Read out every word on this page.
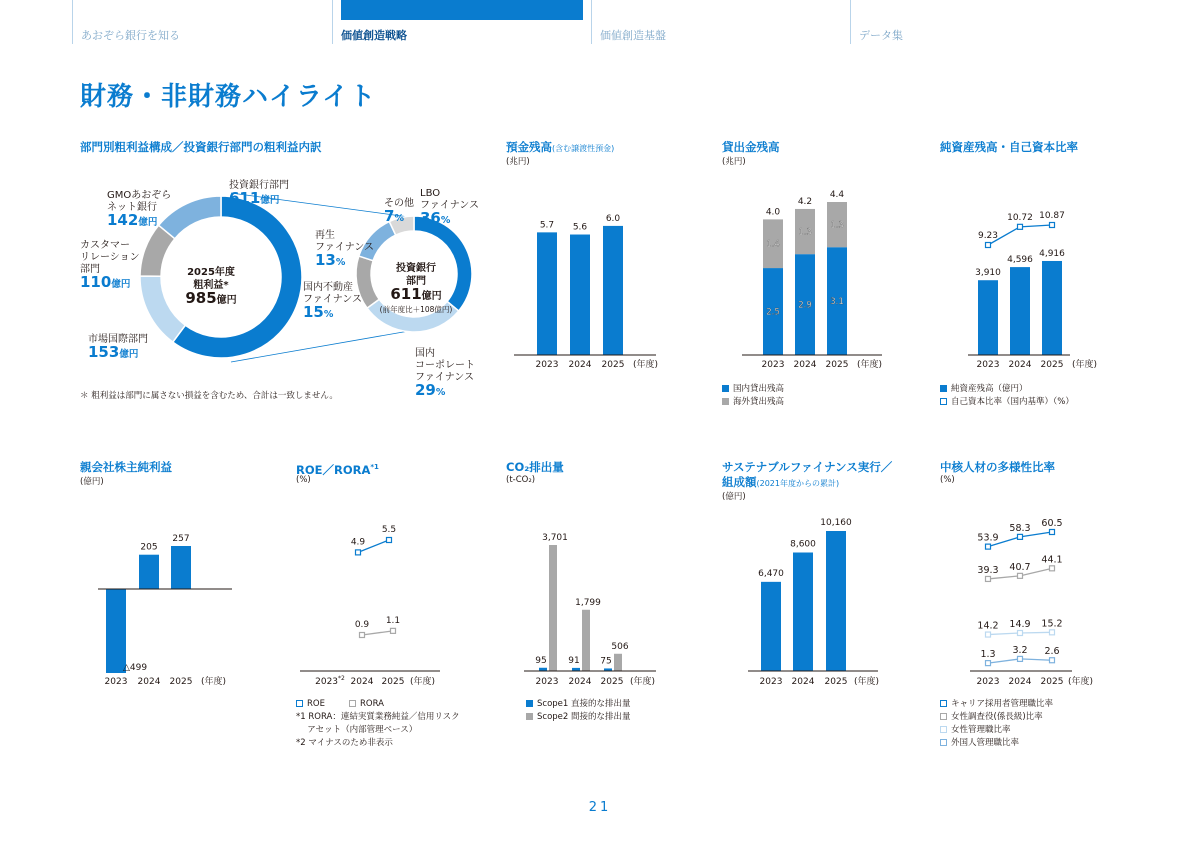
あおぞら銀行を知る	価値創造戦略	価値創造基盤	データ集
財務・非財務ハイライト
部門別粗利益構成／投資銀行部門の粗利益内訳
投資銀行部門
611億円
GMOあおぞら
ネット銀行
142億円
カスタマー
リレーション
部門
110億円
市場国際部門
153億円
2025年度
粗利益*
985億円
その他
7%
LBO
ファイナンス
36%
再生
ファイナンス
13%
国内不動産
ファイナンス
15%
国内
コーポレート
ファイナンス
29%
投資銀行
部門
611億円
(前年度比＋108億円)
＊ 粗利益は部門に属さない損益を含むため、合計は一致しません。
預金残高(含む譲渡性預金)
(兆円)
5.7 5.6
6.0
2023 2024 2025 (年度)
貸出金残高
(兆円)
2.5
2.9 3.1
1.4
1.3
1.3
4.0
4.2
4.4
2023 2024 2025 (年度)
国内貸出残高
海外貸出残高
純資産残高・自己資本比率
3,910
4,596
4,916
9.23
10.72 10.87
2023 2024 2025 (年度)
純資産残高（億円）
自己資本比率（国内基準）（%）
親会社株主純利益
(億円)
△499
205
257
2023 2024 2025 (年度)
ROE／RORA$^{*1}$
(%)
4.9
5.5
0.9 1.1
2023$^{*2}$ 2024 2025 (年度)
ROE	RORA
*1 RORA：連結実質業務純益／信用リスク
　 アセット（内部管理ベース）
*2 マイナスのため非表示
CO₂排出量
(t-CO₂)
95 91 75
3,701
1,799
506
2023 2024 2025 (年度)
Scope1 直接的な排出量
Scope2 間接的な排出量
サステナブルファイナンス実行／
組成額(2021年度からの累計)
(億円)
6,470
8,600
10,160
2023 2024 2025 (年度)
中核人材の多様性比率
(%)
53.9
58.3 60.5
39.3 40.7
44.1
14.2 14.9 15.2
1.3 3.2 2.6
2023 2024 2025 (年度)
キャリア採用者管理職比率
女性調査役(係長級)比率
女性管理職比率
外国人管理職比率
21
